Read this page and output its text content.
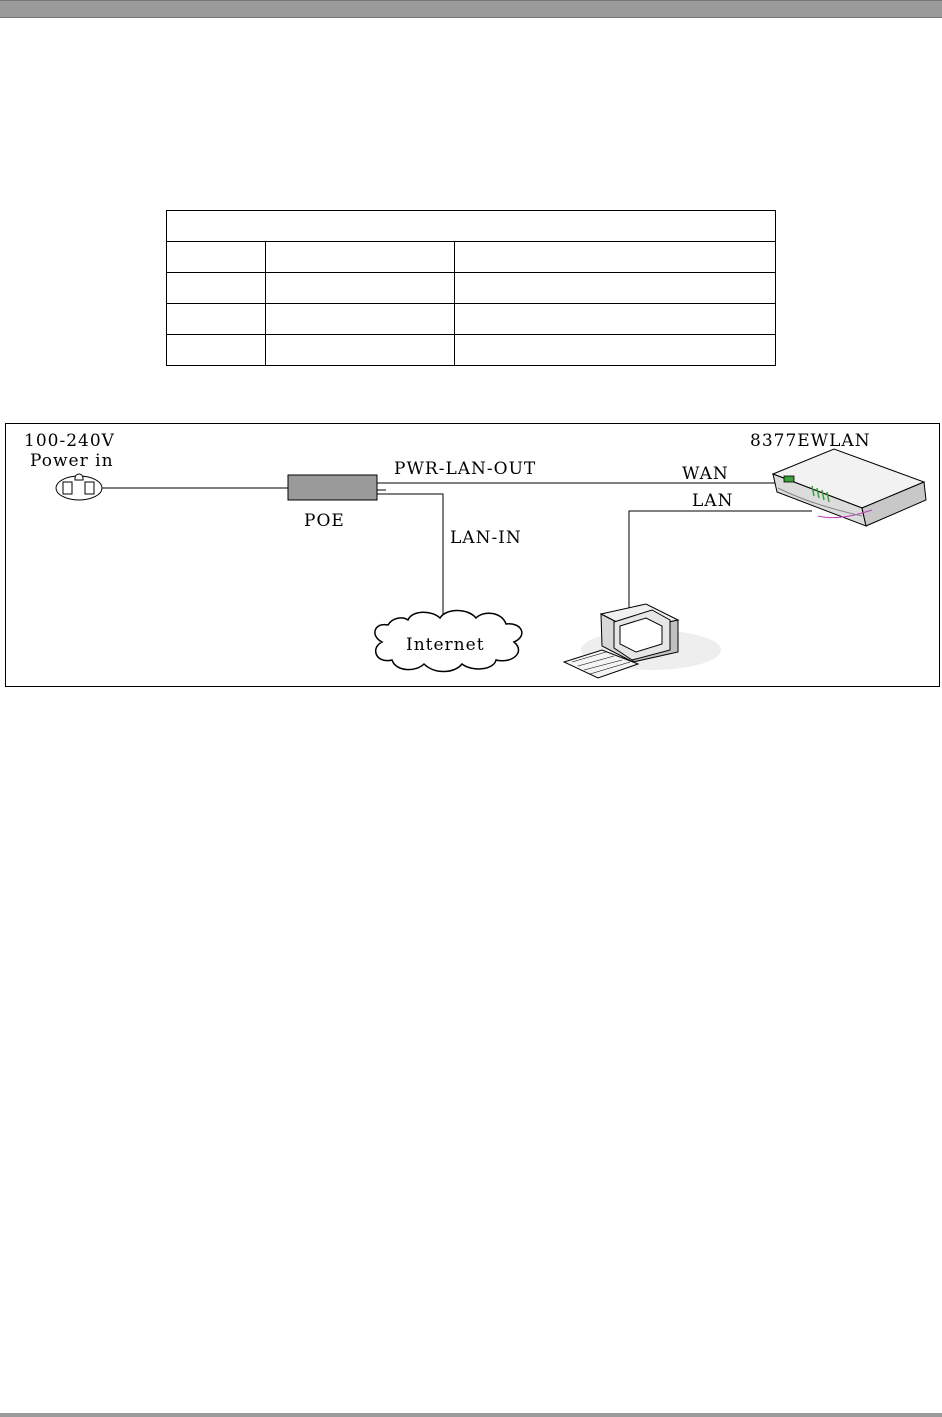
100-240V
Power in
POE
PWR-LAN-OUT
LAN-IN
Internet
8377EWLAN
WAN
LAN
